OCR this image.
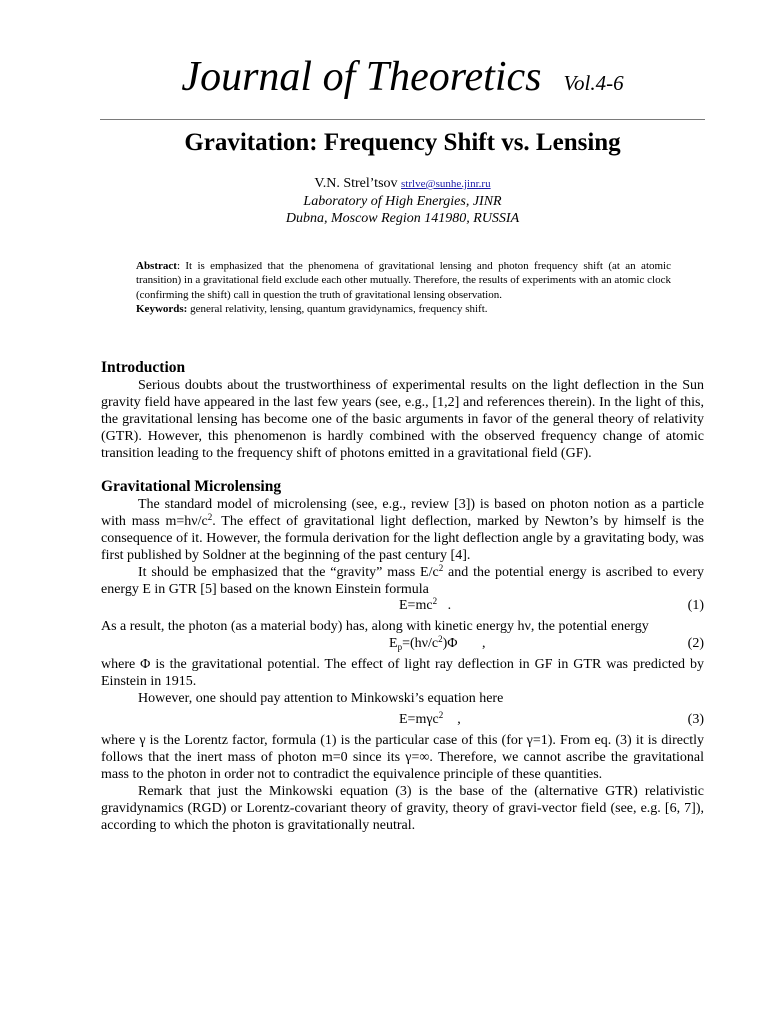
Journal of Theoretics Vol.4-6
Gravitation: Frequency Shift vs. Lensing
V.N. Strel’tsov strlve@sunhe.jinr.ru
Laboratory of High Energies, JINR
Dubna, Moscow Region 141980, RUSSIA

Abstract: It is emphasized that the phenomena of gravitational lensing and photon frequency shift (at an atomic transition) in a gravitational field exclude each other mutually. Therefore, the results of experiments with an atomic clock (confirming the shift) call in question the truth of gravitational lensing observation.

Keywords: general relativity, lensing, quantum gravidynamics, frequency shift.

Introduction

Serious doubts about the trustworthiness of experimental results on the light deflection in the Sun gravity field have appeared in the last few years (see, e.g., [1,2] and references therein). In the light of this, the gravitational lensing has become one of the basic arguments in favor of the general theory of relativity (GTR). However, this phenomenon is hardly combined with the observed frequency change of atomic transition leading to the frequency shift of photons emitted in a gravitational field (GF).

Gravitational Microlensing

The standard model of microlensing (see, e.g., review [3]) is based on photon notion as a particle with mass $m=h\nu/c^2$. The effect of gravitational light deflection, marked by Newton’s by himself is the consequence of it. However, the formula derivation for the light deflection angle by a gravitating body, was first published by Soldner at the beginning of the past century [4].

It should be emphasized that the “gravity” mass $E/c^2$ and the potential energy is ascribed to every energy E in GTR [5] based on the known Einstein formula

$E=mc^2$   .	(1)

As a result, the photon (as a material body) has, along with kinetic energy hν, the potential energy

$E_p=(h\nu/c^2)\Phi$       ,	(2)

where Φ is the gravitational potential. The effect of light ray deflection in GF in GTR was predicted by Einstein in 1915.

However, one should pay attention to Minkowski’s equation here

E=mγc$^2$    ,	(3)

where γ is the Lorentz factor, formula (1) is the particular case of this (for γ=1). From eq. (3) it is directly follows that the inert mass of photon m=0 since its γ=∞. Therefore, we cannot ascribe the gravitational mass to the photon in order not to contradict the equivalence principle of these quantities.

Remark that just the Minkowski equation (3) is the base of the (alternative GTR) relativistic gravidynamics (RGD) or Lorentz-covariant theory of gravity, theory of gravi-vector field (see, e.g. [6, 7]), according to which the photon is gravitationally neutral.
